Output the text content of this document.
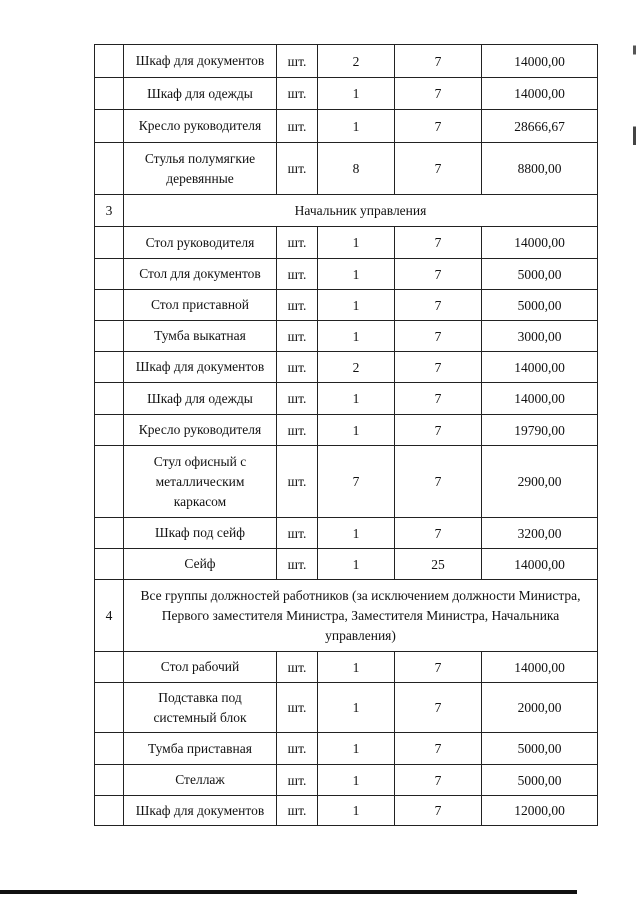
	Шкаф для документов	шт.	2	7	14000,00
	Шкаф для одежды	шт.	1	7	14000,00
	Кресло руководителя	шт.	1	7	28666,67
	Стулья полумягкие деревянные	шт.	8	7	8800,00
3	Начальник управления				
	Стол руководителя	шт.	1	7	14000,00
	Стол для документов	шт.	1	7	5000,00
	Стол приставной	шт.	1	7	5000,00
	Тумба выкатная	шт.	1	7	3000,00
	Шкаф для документов	шт.	2	7	14000,00
	Шкаф для одежды	шт.	1	7	14000,00
	Кресло руководителя	шт.	1	7	19790,00
	Стул офисный с металлическим каркасом	шт.	7	7	2900,00
	Шкаф под сейф	шт.	1	7	3200,00
	Сейф	шт.	1	25	14000,00
4	Все группы должностей работников (за исключением должности Министра, Первого заместителя Министра, Заместителя Министра, Начальника управления)				
	Стол рабочий	шт.	1	7	14000,00
	Подставка под системный блок	шт.	1	7	2000,00
	Тумба приставная	шт.	1	7	5000,00
	Стеллаж	шт.	1	7	5000,00
	Шкаф для документов	шт.	1	7	12000,00
